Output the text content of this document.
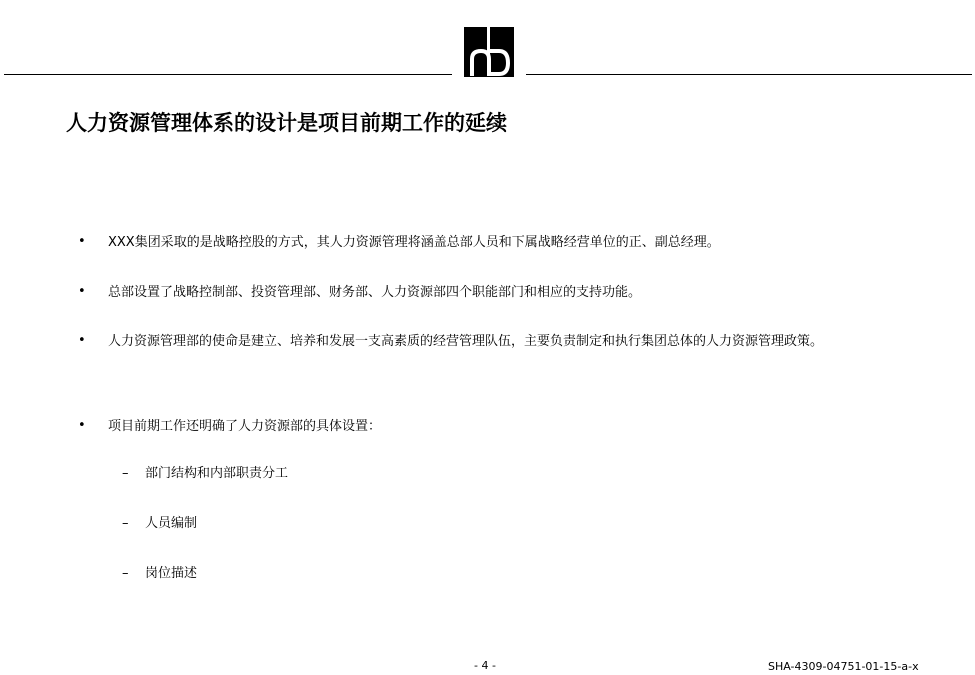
人力资源管理体系的设计是项目前期工作的延续
• XXX集团采取的是战略控股的方式，其人力资源管理将涵盖总部人员和下属战略经营单位的正、副总经理。
• 总部设置了战略控制部、投资管理部、财务部、人力资源部四个职能部门和相应的支持功能。
• 人力资源管理部的使命是建立、培养和发展一支高素质的经营管理队伍，主要负责制定和执行集团总体的人力资源管理政策。
• 项目前期工作还明确了人力资源部的具体设置：
– 部门结构和内部职责分工
– 人员编制
– 岗位描述
- 4 -	SHA-4309-04751-01-15-a-x
